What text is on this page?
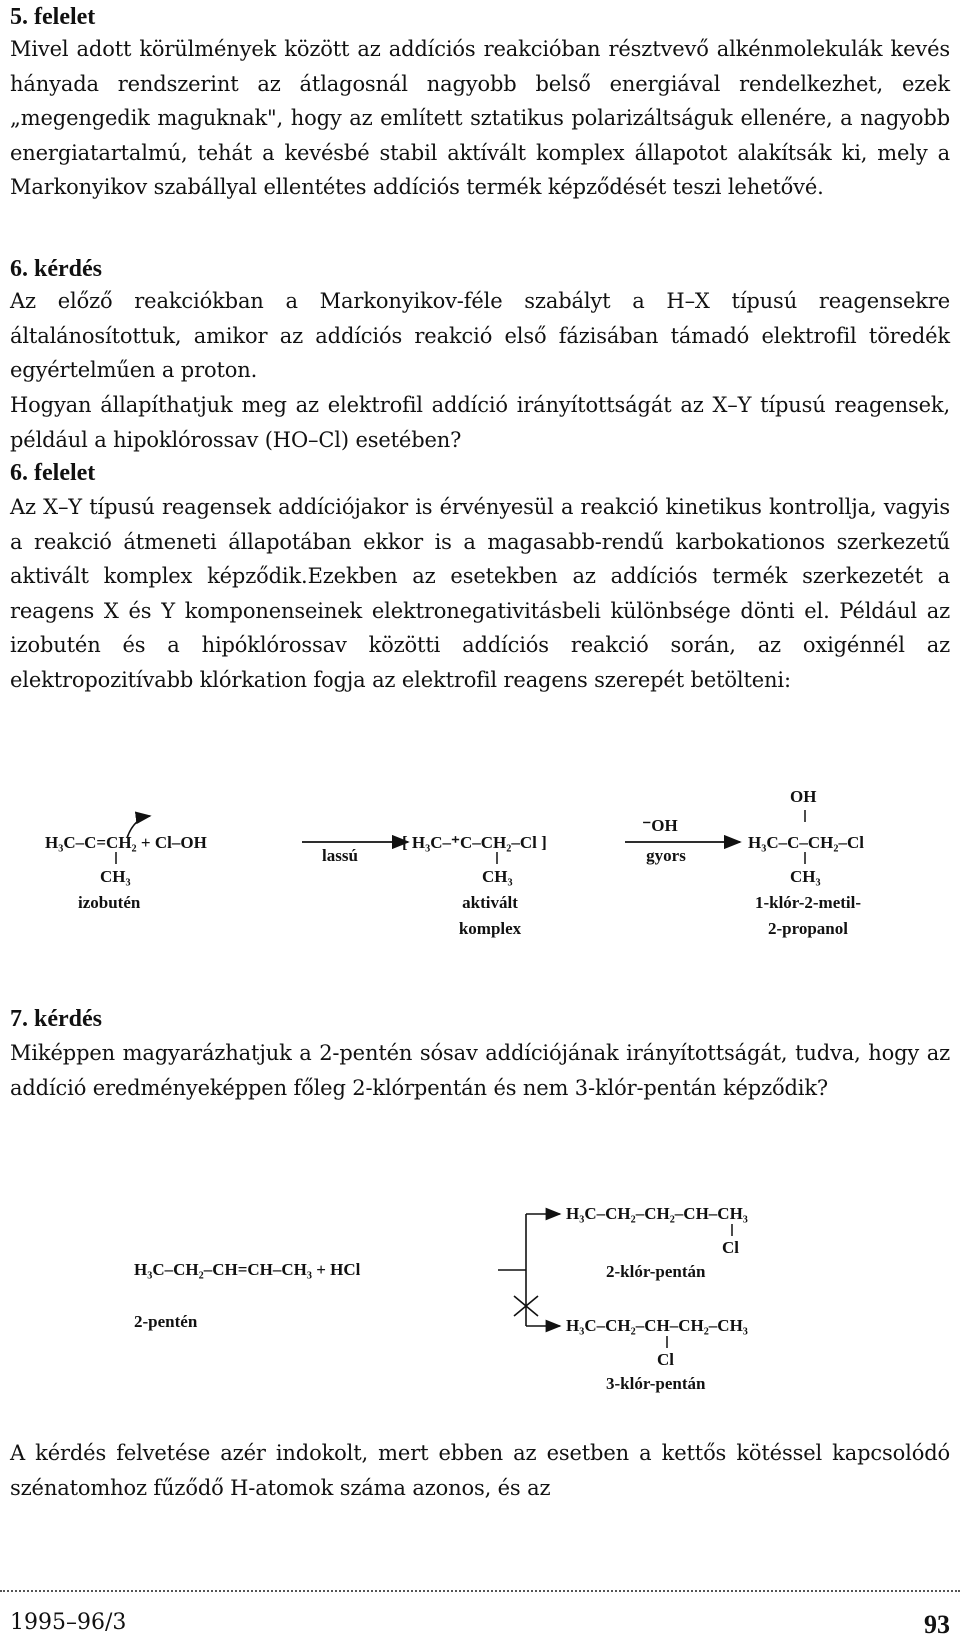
5. felelet

Mivel adott körülmények között az addíciós reakcióban résztvevő alkénmolekulák kevés hányada rendszerint az átlagosnál nagyobb belső energiával rendelkezhet, ezek „megengedik maguknak", hogy az említett sztatikus polarizáltságuk ellenére, a nagyobb energiatartalmú, tehát a kevésbé stabil aktívált komplex állapotot alakítsák ki, mely a Markonyikov szabállyal ellentétes addíciós termék képződését teszi lehetővé.

6. kérdés

Az előző reakciókban a Markonyikov-féle szabályt a H–X típusú reagensekre általánosítottuk, amikor az addíciós reakció első fázisában támadó elektrofil töredék egyértelműen a proton.

Hogyan állapíthatjuk meg az elektrofil addíció irányítottságát az X–Y típusú reagensek, például a hipoklórossav (HO–Cl) esetében?

6. felelet

Az X–Y típusú reagensek addíciójakor is érvényesül a reakció kinetikus kontrollja, vagyis a reakció átmeneti állapotában ekkor is a magasabb-rendű karbokationos szerkezetű aktivált komplex képződik.Ezekben az esetekben az addíciós termék szerkezetét a reagens X és Y komponenseinek elektronegativitásbeli különbsége dönti el. Például az izobutén és a hipóklórossav közötti addíciós reakció során, az oxigénnél az elektropozitívabb klórkation fogja az elektrofil reagens szerepét betölteni:

H₃C–C=CH₂ + Cl–OH
CH₃
izobutén
lassú
[ H₃C–⁺C–CH₂–Cl ]
CH₃
aktivált
komplex
⁻OH
gyors
OH
H₃C–C–CH₂–Cl
CH₃
1-klór-2-metil-
2-propanol
7. kérdés

Miképpen magyarázhatjuk a 2-pentén sósav addíciójának irányítottságát, tudva, hogy az addíció eredményeképpen főleg 2-klórpentán és nem 3-klór-pentán képződik?

H₃C–CH₂–CH=CH–CH₃ + HCl
2-pentén
H₃C–CH₂–CH₂–CH–CH₃
Cl
2-klór-pentán
H₃C–CH₂–CH–CH₂–CH₃
Cl
3-klór-pentán

A kérdés felvetése azér indokolt, mert ebben az esetben a kettős kötéssel kapcsolódó szénatomhoz fűződő H-atomok száma azonos, és az

1995–96/3	93
